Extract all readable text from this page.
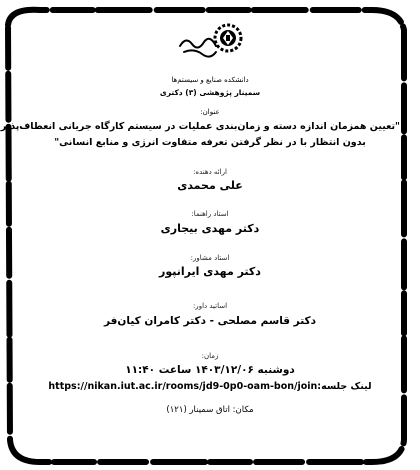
دانشکده صنایع و سیستم‌ها
سمینار پژوهشی (۳) دکتری
عنوان:
"تعیین همزمان اندازه دسته و زمان‌بندی عملیات در سیستم کارگاه جریانی انعطاف‌پذیر
بدون انتظار با در نظر گرفتن تعرفه متفاوت انرژی و منابع انسانی"
ارائه دهنده:
علی محمدی
استاد راهنما:
دکتر مهدی بیجاری
استاد مشاور:
دکتر مهدی ایرانپور
اساتید داور:
دکتر قاسم مصلحی - دکتر کامران کیان‌فر
زمان:
دوشنبه ۱۴۰۳/۱۲/۰۶ ساعت ۱۱:۴۰
لینک جلسه:https://nikan.iut.ac.ir/rooms/jd9-0p0-oam-bon/join
مکان: اتاق سمینار (۱۲۱)
